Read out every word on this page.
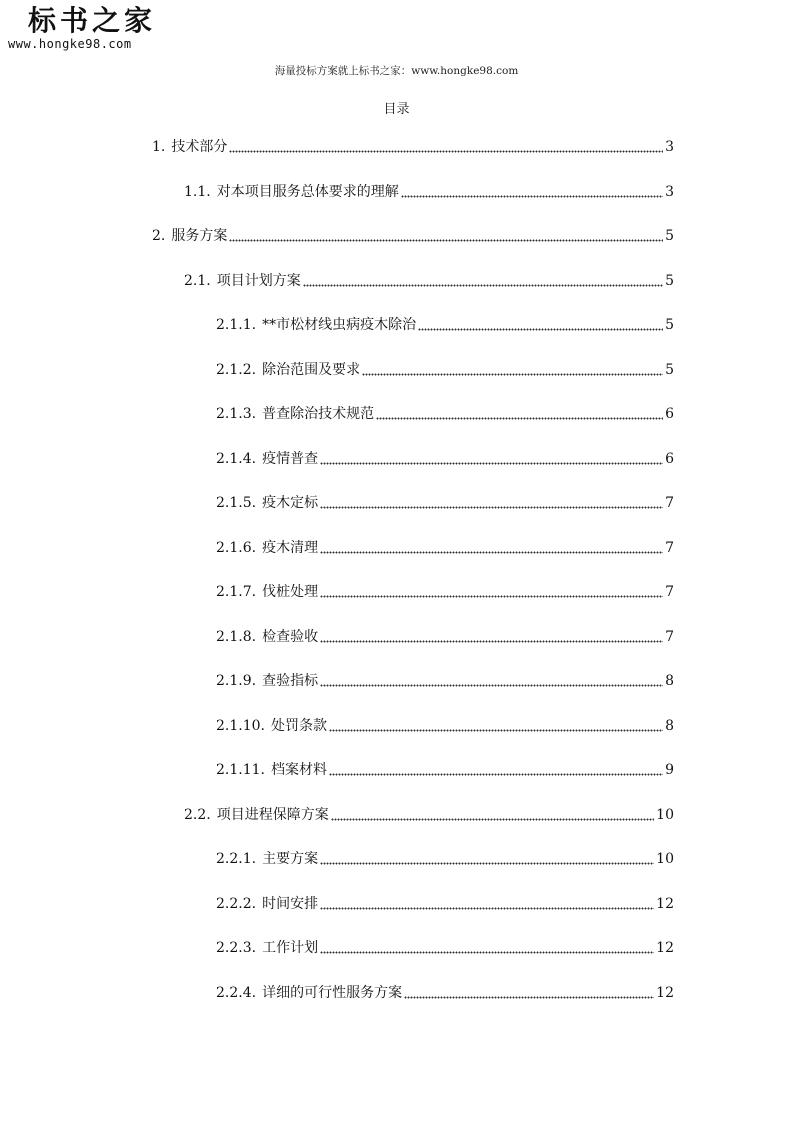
标书之家
www.hongke98.com
海量投标方案就上标书之家：www.hongke98.com
目录
1. 技术部分	3
1.1. 对本项目服务总体要求的理解	3
2. 服务方案	5
2.1. 项目计划方案	5
2.1.1. **市松材线虫病疫木除治	5
2.1.2. 除治范围及要求	5
2.1.3. 普查除治技术规范	6
2.1.4. 疫情普查	6
2.1.5. 疫木定标	7
2.1.6. 疫木清理	7
2.1.7. 伐桩处理	7
2.1.8. 检查验收	7
2.1.9. 查验指标	8
2.1.10. 处罚条款	8
2.1.11. 档案材料	9
2.2. 项目进程保障方案	10
2.2.1. 主要方案	10
2.2.2. 时间安排	12
2.2.3. 工作计划	12
2.2.4. 详细的可行性服务方案	12
